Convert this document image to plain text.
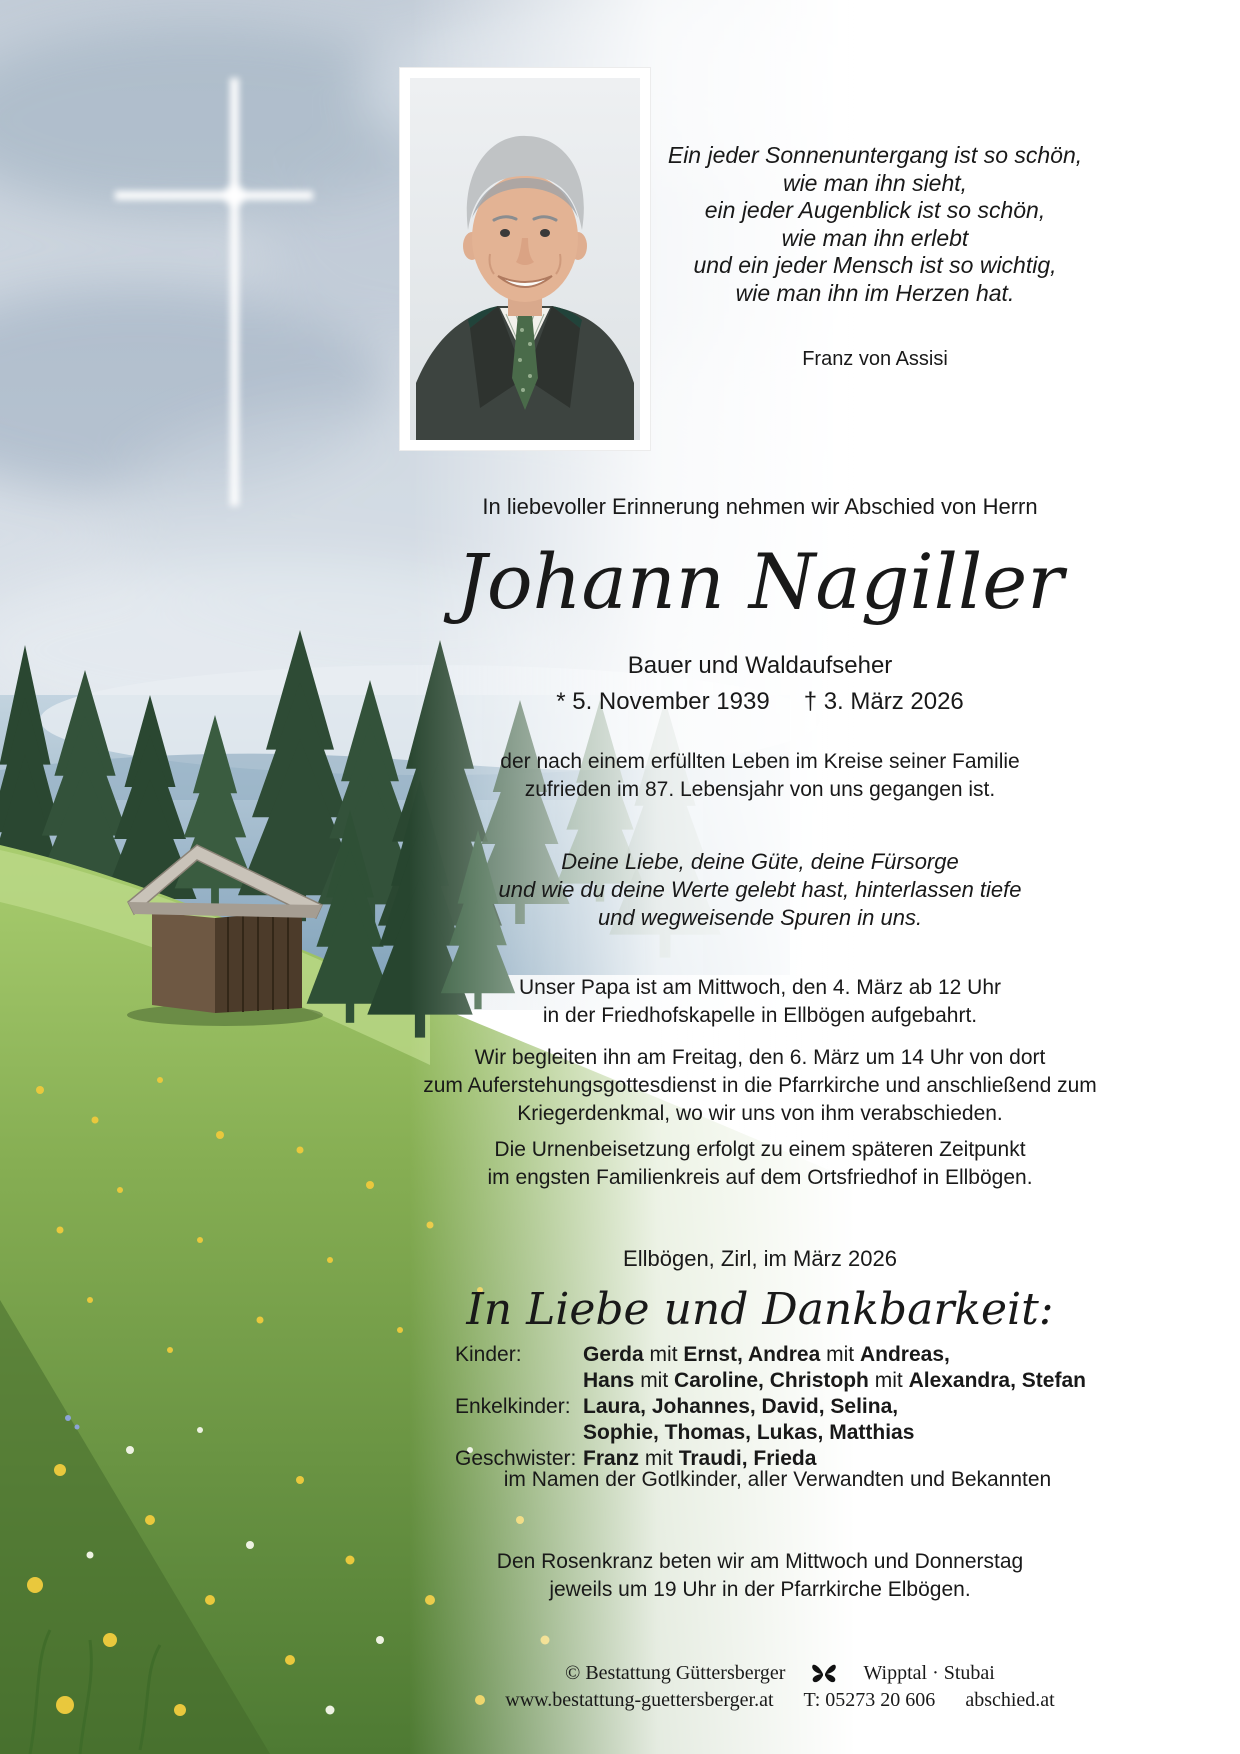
Ein jeder Sonnenuntergang ist so schön,
wie man ihn sieht,
ein jeder Augenblick ist so schön,
wie man ihn erlebt
und ein jeder Mensch ist so wichtig,
wie man ihn im Herzen hat.
Franz von Assisi
In liebevoller Erinnerung nehmen wir Abschied von Herrn
Johann Nagiller
Bauer und Waldaufseher
* 5. November 1939 † 3. März 2026
der nach einem erfüllten Leben im Kreise seiner Familie
zufrieden im 87. Lebensjahr von uns gegangen ist.
Deine Liebe, deine Güte, deine Fürsorge
und wie du deine Werte gelebt hast, hinterlassen tiefe
und wegweisende Spuren in uns.
Unser Papa ist am Mittwoch, den 4. März ab 12 Uhr
in der Friedhofskapelle in Ellbögen aufgebahrt.
Wir begleiten ihn am Freitag, den 6. März um 14 Uhr von dort
zum Auferstehungsgottesdienst in die Pfarrkirche und anschließend zum
Kriegerdenkmal, wo wir uns von ihm verabschieden.
Die Urnenbeisetzung erfolgt zu einem späteren Zeitpunkt
im engsten Familienkreis auf dem Ortsfriedhof in Ellbögen.
Ellbögen, Zirl, im März 2026
In Liebe und Dankbarkeit:
Kinder:	Gerda mit Ernst, Andrea mit Andreas,
Hans mit Caroline, Christoph mit Alexandra, Stefan
Enkelkinder: Laura, Johannes, David, Selina,
Sophie, Thomas, Lukas, Matthias
Geschwister: Franz mit Traudi, Frieda
im Namen der Gotlkinder, aller Verwandten und Bekannten
Den Rosenkranz beten wir am Mittwoch und Donnerstag
jeweils um 19 Uhr in der Pfarrkirche Elbögen.
© Bestattung Güttersberger	Wipptal · Stubai
www.bestattung-guettersberger.at T: 05273 20 606 abschied.at
